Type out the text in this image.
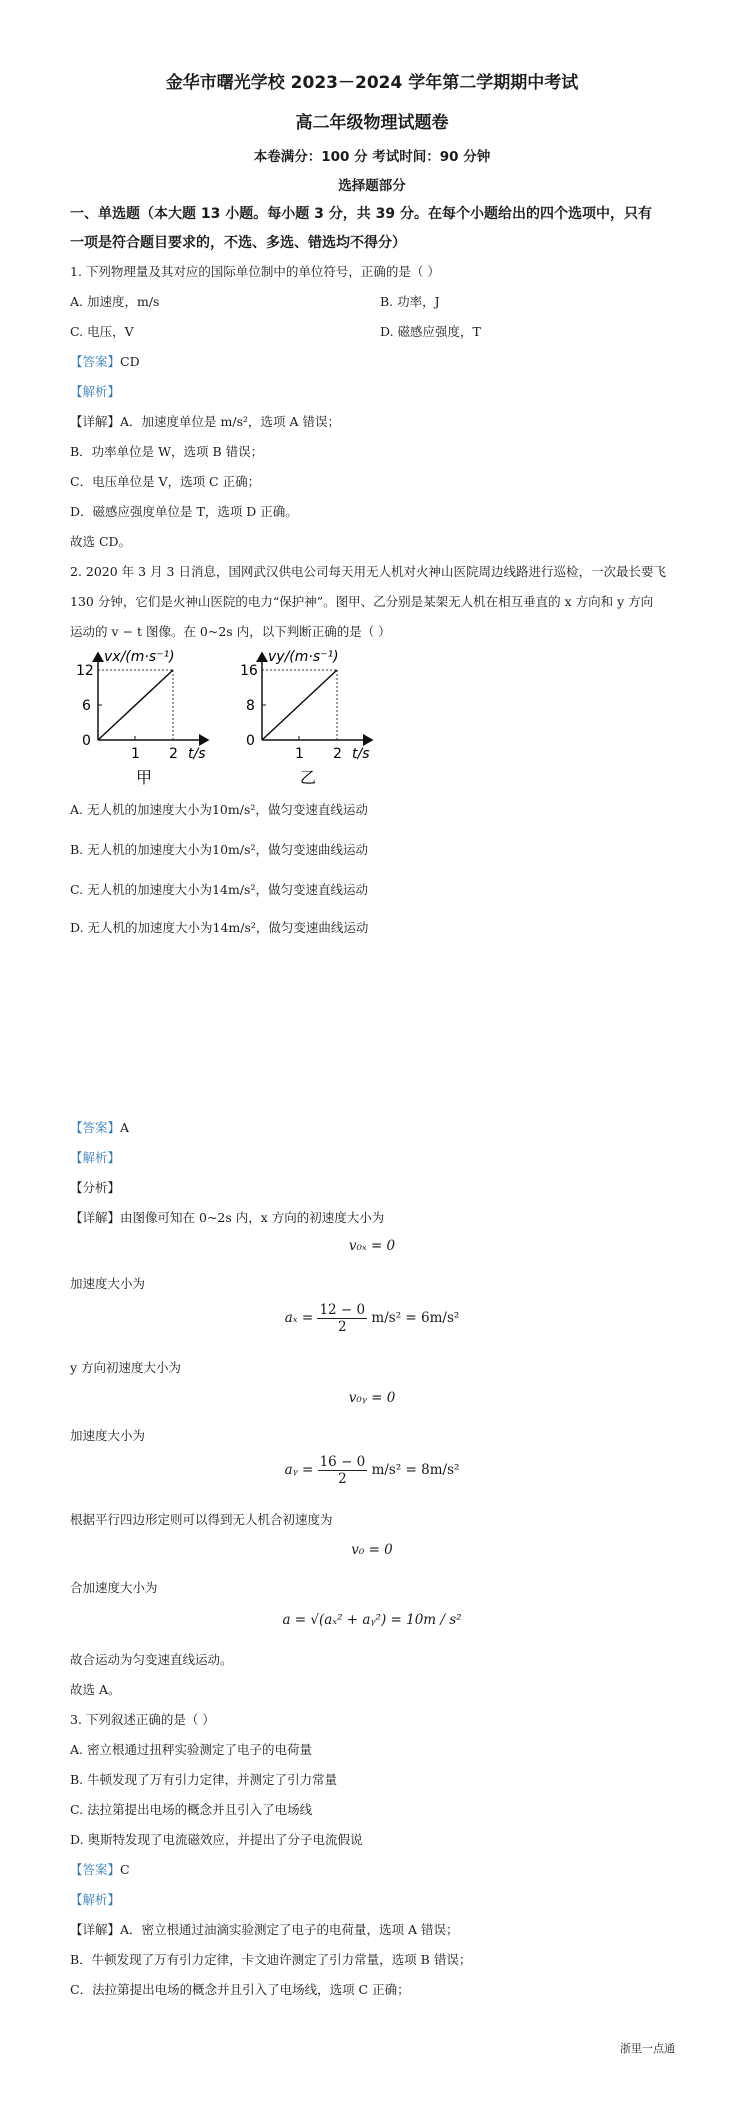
金华市曙光学校 2023－2024 学年第二学期期中考试
高二年级物理试题卷
本卷满分：100 分 考试时间：90 分钟
选择题部分
一、单选题（本大题 13 小题。每小题 3 分，共 39 分。在每个小题给出的四个选项中，只有
一项是符合题目要求的，不选、多选、错选均不得分）
1. 下列物理量及其对应的国际单位制中的单位符号，正确的是（ ）
A. 加速度，m/s	B. 功率，J
C. 电压，V	D. 磁感应强度，T
【答案】CD
【解析】
【详解】A．加速度单位是 m/s²，选项 A 错误；
B．功率单位是 W，选项 B 错误；
C．电压单位是 V，选项 C 正确；
D．磁感应强度单位是 T，选项 D 正确。
故选 CD。
2. 2020 年 3 月 3 日消息，国网武汉供电公司每天用无人机对火神山医院周边线路进行巡检，一次最长要飞
130 分钟，它们是火神山医院的电力“保护神”。图甲、乙分别是某架无人机在相互垂直的 x 方向和 y 方向
运动的 v − t 图像。在 0~2s 内，以下判断正确的是（ ）
vx/(m·s⁻¹)
12
6
0
1 2 t/s
甲
vy/(m·s⁻¹)
16
8
0
1 2 t/s
乙
A. 无人机的加速度大小为10m/s²，做匀变速直线运动
B. 无人机的加速度大小为10m/s²，做匀变速曲线运动
C. 无人机的加速度大小为14m/s²，做匀变速直线运动
D. 无人机的加速度大小为14m/s²，做匀变速曲线运动
【答案】A
【解析】
【分析】
【详解】由图像可知在 0~2s 内，x 方向的初速度大小为
v₀ₓ = 0
加速度大小为
$a_x = \frac{12 - 0}{2} m/s^2 = 6m/s^2$
y 方向初速度大小为
v₀ᵧ = 0
加速度大小为
aᵧ = $\frac{16 - 0}{2} m/s^2 = 8m/s^2$
根据平行四边形定则可以得到无人机合初速度为
v₀ = 0
合加速度大小为
a = √(aₓ² + aᵧ²) = 10m / s²
故合运动为匀变速直线运动。
故选 A。
3. 下列叙述正确的是（ ）
A. 密立根通过扭秤实验测定了电子的电荷量
B. 牛顿发现了万有引力定律，并测定了引力常量
C. 法拉第提出电场的概念并且引入了电场线
D. 奥斯特发现了电流磁效应，并提出了分子电流假说
【答案】C
【解析】
【详解】A．密立根通过油滴实验测定了电子的电荷量，选项 A 错误；
B．牛顿发现了万有引力定律，卡文迪许测定了引力常量，选项 B 错误；
C．法拉第提出电场的概念并且引入了电场线，选项 C 正确；
浙里一点通
